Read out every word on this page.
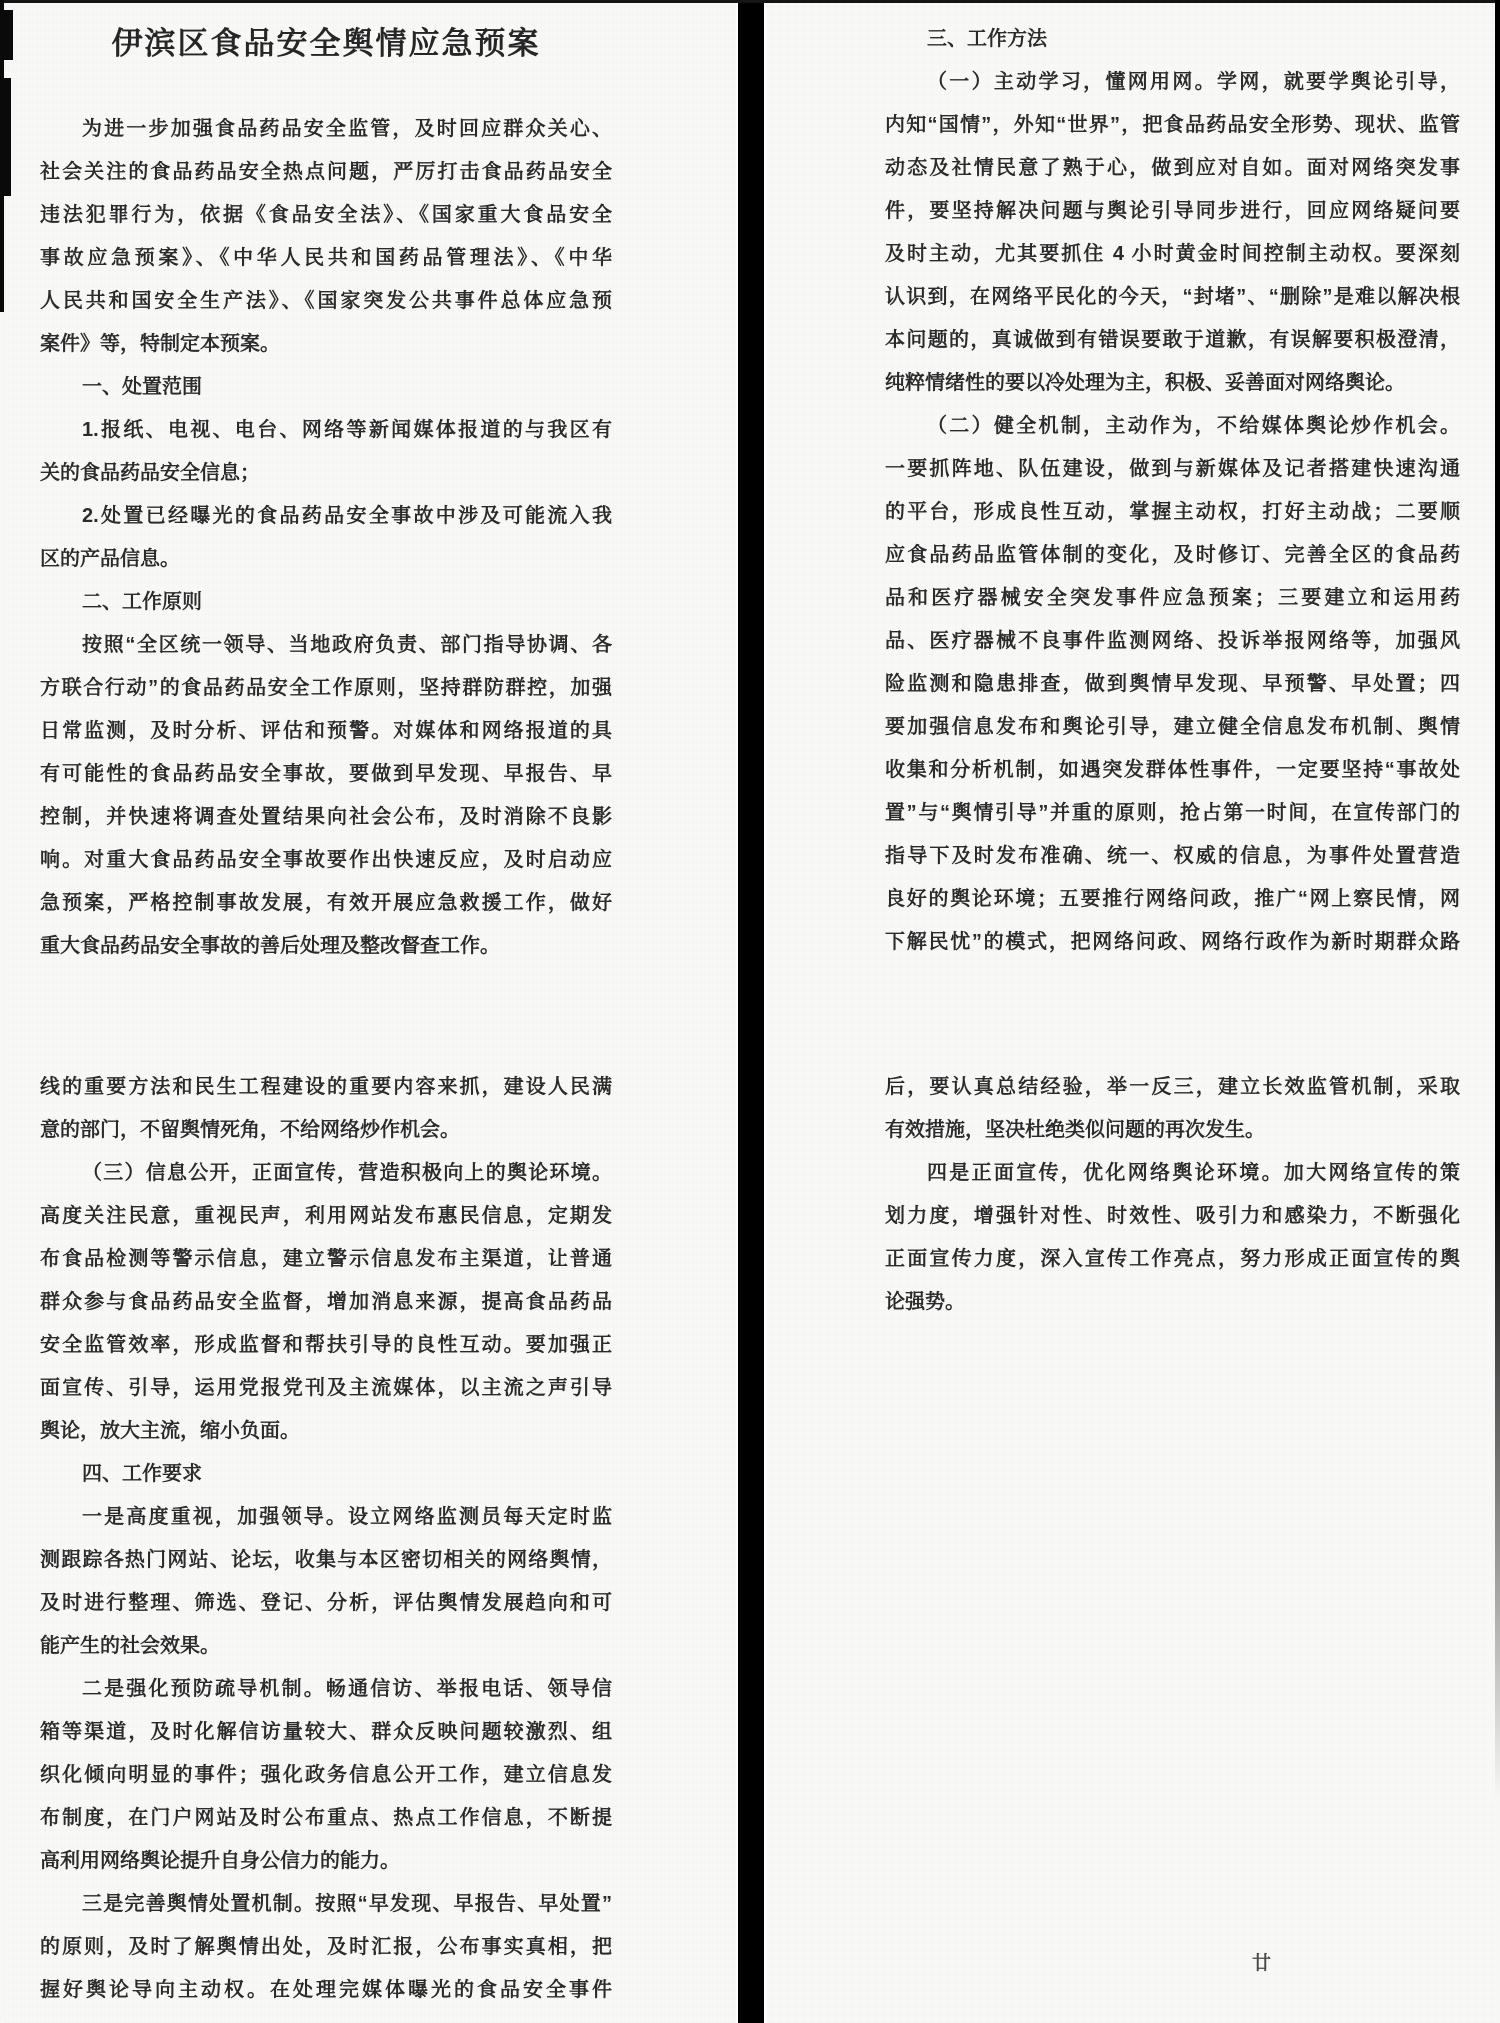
伊滨区食品安全舆情应急预案
为进一步加强食品药品安全监管，及时回应群众关心、
社会关注的食品药品安全热点问题，严厉打击食品药品安全
违法犯罪行为，依据《食品安全法》、《国家重大食品安全
事故应急预案》、《中华人民共和国药品管理法》、《中华
人民共和国安全生产法》、《国家突发公共事件总体应急预
案件》等，特制定本预案。
一、处置范围
1.报纸、电视、电台、网络等新闻媒体报道的与我区有
关的食品药品安全信息；
2.处置已经曝光的食品药品安全事故中涉及可能流入我
区的产品信息。
二、工作原则
按照“全区统一领导、当地政府负责、部门指导协调、各
方联合行动”的食品药品安全工作原则，坚持群防群控，加强
日常监测，及时分析、评估和预警。对媒体和网络报道的具
有可能性的食品药品安全事故，要做到早发现、早报告、早
控制，并快速将调查处置结果向社会公布，及时消除不良影
响。对重大食品药品安全事故要作出快速反应，及时启动应
急预案，严格控制事故发展，有效开展应急救援工作，做好
重大食品药品安全事故的善后处理及整改督查工作。
线的重要方法和民生工程建设的重要内容来抓，建设人民满
意的部门，不留舆情死角，不给网络炒作机会。
（三）信息公开，正面宣传，营造积极向上的舆论环境。
高度关注民意，重视民声，利用网站发布惠民信息，定期发
布食品检测等警示信息，建立警示信息发布主渠道，让普通
群众参与食品药品安全监督，增加消息来源，提高食品药品
安全监管效率，形成监督和帮扶引导的良性互动。要加强正
面宣传、引导，运用党报党刊及主流媒体，以主流之声引导
舆论，放大主流，缩小负面。
四、工作要求
一是高度重视，加强领导。设立网络监测员每天定时监
测跟踪各热门网站、论坛，收集与本区密切相关的网络舆情，
及时进行整理、筛选、登记、分析，评估舆情发展趋向和可
能产生的社会效果。
二是强化预防疏导机制。畅通信访、举报电话、领导信
箱等渠道，及时化解信访量较大、群众反映问题较激烈、组
织化倾向明显的事件；强化政务信息公开工作，建立信息发
布制度，在门户网站及时公布重点、热点工作信息，不断提
高利用网络舆论提升自身公信力的能力。
三是完善舆情处置机制。按照“早发现、早报告、早处置”
的原则，及时了解舆情出处，及时汇报，公布事实真相，把
握好舆论导向主动权。在处理完媒体曝光的食品安全事件
三、工作方法
（一）主动学习，懂网用网。学网，就要学舆论引导，
内知“国情”，外知“世界”，把食品药品安全形势、现状、监管
动态及社情民意了熟于心，做到应对自如。面对网络突发事
件，要坚持解决问题与舆论引导同步进行，回应网络疑问要
及时主动，尤其要抓住 4 小时黄金时间控制主动权。要深刻
认识到，在网络平民化的今天，“封堵”、“删除”是难以解决根
本问题的，真诚做到有错误要敢于道歉，有误解要积极澄清，
纯粹情绪性的要以冷处理为主，积极、妥善面对网络舆论。
（二）健全机制，主动作为，不给媒体舆论炒作机会。
一要抓阵地、队伍建设，做到与新媒体及记者搭建快速沟通
的平台，形成良性互动，掌握主动权，打好主动战；二要顺
应食品药品监管体制的变化，及时修订、完善全区的食品药
品和医疗器械安全突发事件应急预案；三要建立和运用药
品、医疗器械不良事件监测网络、投诉举报网络等，加强风
险监测和隐患排查，做到舆情早发现、早预警、早处置；四
要加强信息发布和舆论引导，建立健全信息发布机制、舆情
收集和分析机制，如遇突发群体性事件，一定要坚持“事故处
置”与“舆情引导”并重的原则，抢占第一时间，在宣传部门的
指导下及时发布准确、统一、权威的信息，为事件处置营造
良好的舆论环境；五要推行网络问政，推广“网上察民情，网
下解民忧”的模式，把网络问政、网络行政作为新时期群众路
后，要认真总结经验，举一反三，建立长效监管机制，采取
有效措施，坚决杜绝类似问题的再次发生。
四是正面宣传，优化网络舆论环境。加大网络宣传的策
划力度，增强针对性、时效性、吸引力和感染力，不断强化
正面宣传力度，深入宣传工作亮点，努力形成正面宣传的舆
论强势。
廿
